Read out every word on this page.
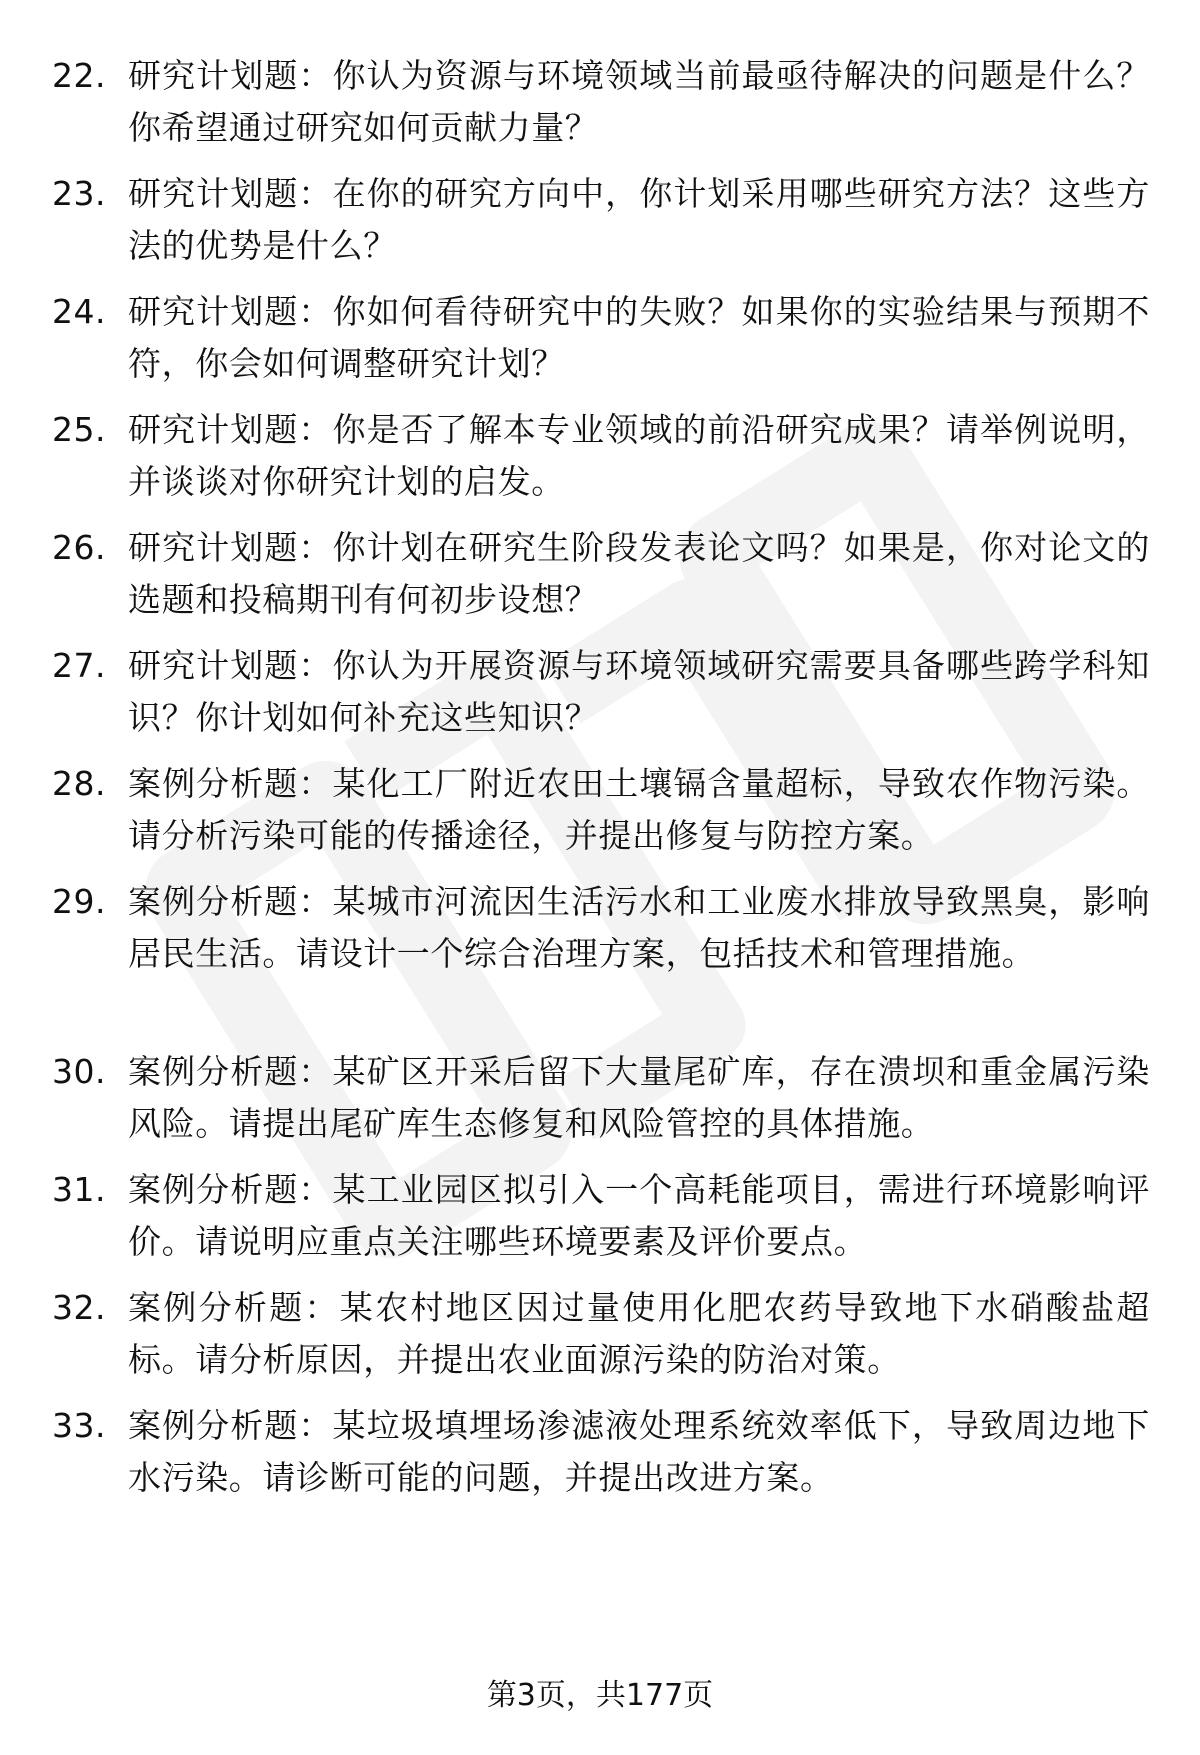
22. 研究计划题：你认为资源与环境领域当前最亟待解决的问题是什么？你希望通过研究如何贡献力量？
23. 研究计划题：在你的研究方向中，你计划采用哪些研究方法？这些方法的优势是什么？
24. 研究计划题：你如何看待研究中的失败？如果你的实验结果与预期不符，你会如何调整研究计划？
25. 研究计划题：你是否了解本专业领域的前沿研究成果？请举例说明，并谈谈对你研究计划的启发。
26. 研究计划题：你计划在研究生阶段发表论文吗？如果是，你对论文的选题和投稿期刊有何初步设想？
27. 研究计划题：你认为开展资源与环境领域研究需要具备哪些跨学科知识？你计划如何补充这些知识？
28. 案例分析题：某化工厂附近农田土壤镉含量超标，导致农作物污染。请分析污染可能的传播途径，并提出修复与防控方案。
29. 案例分析题：某城市河流因生活污水和工业废水排放导致黑臭，影响居民生活。请设计一个综合治理方案，包括技术和管理措施。
30. 案例分析题：某矿区开采后留下大量尾矿库，存在溃坝和重金属污染风险。请提出尾矿库生态修复和风险管控的具体措施。
31. 案例分析题：某工业园区拟引入一个高耗能项目，需进行环境影响评价。请说明应重点关注哪些环境要素及评价要点。
32. 案例分析题：某农村地区因过量使用化肥农药导致地下水硝酸盐超标。请分析原因，并提出农业面源污染的防治对策。
33. 案例分析题：某垃圾填埋场渗滤液处理系统效率低下，导致周边地下水污染。请诊断可能的问题，并提出改进方案。
第3页，共177页
